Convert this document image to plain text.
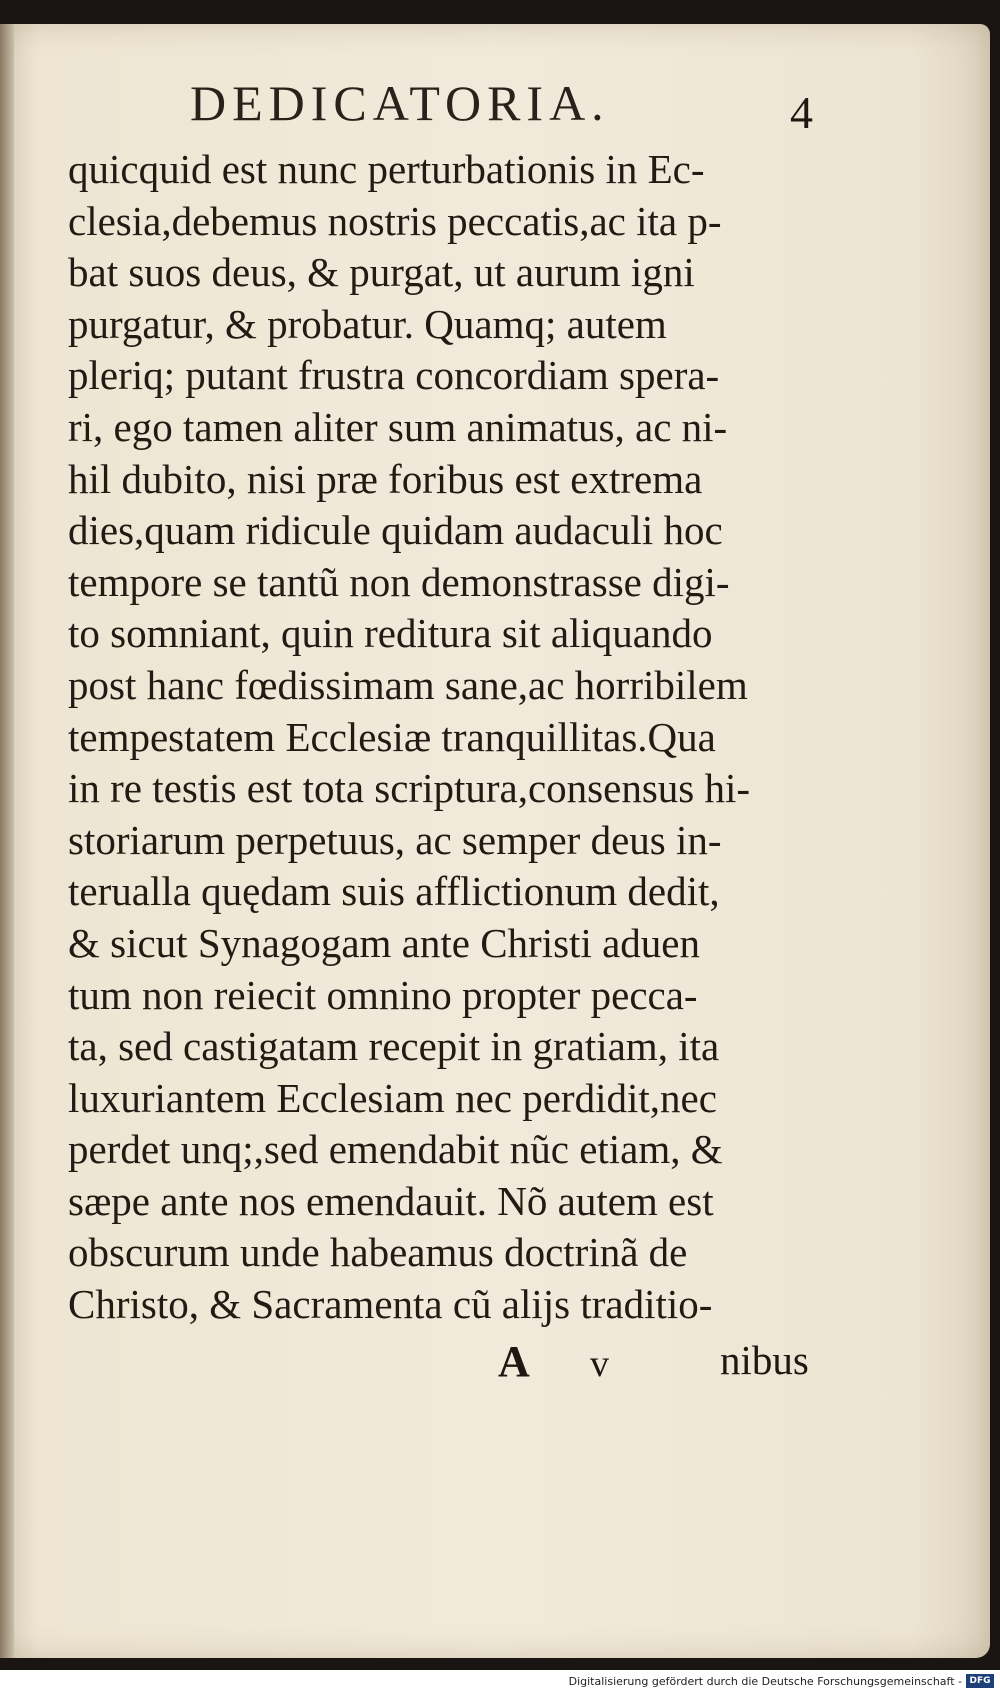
DEDICATORIA.	4
quicquid est nunc perturbationis in Ec-
clesia,debemus nostris peccatis,ac ita p-
bat suos deus, & purgat, ut aurum igni
purgatur, & probatur. Quamq; autem
pleriq; putant frustra concordiam spera-
ri, ego tamen aliter sum animatus, ac ni-
hil dubito, nisi præ foribus est extrema
dies,quam ridicule quidam audaculi hoc
tempore se tantũ non demonstrasse digi-
to somniant, quin reditura sit aliquando
post hanc fœdissimam sane,ac horribilem
tempestatem Ecclesiæ tranquillitas.Qua
in re testis est tota scriptura,consensus hi-
storiarum perpetuus, ac semper deus in-
terualla quędam suis afflictionum dedit,
& sicut Synagogam ante Christi aduen
tum non reiecit omnino propter pecca-
ta, sed castigatam recepit in gratiam, ita
luxuriantem Ecclesiam nec perdidit,nec
perdet unq;,sed emendabit nũc etiam, &
sæpe ante nos emendauit. Nõ autem est
obscurum unde habeamus doctrinã de
Christo, & Sacramenta cũ alijs traditio-
A v	nibus
Digitalisierung gefördert durch die Deutsche Forschungsgemeinschaft - DFG
